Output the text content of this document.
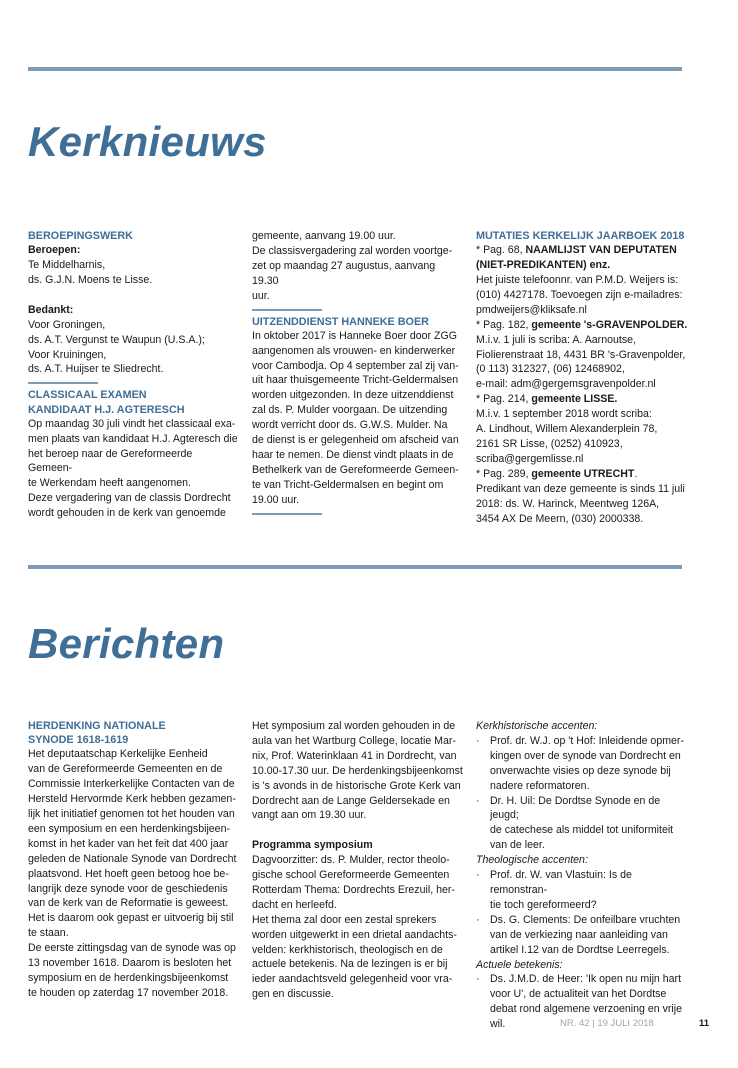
Kerknieuws
BEROEPINGSWERK
Beroepen:
Te Middelharnis,
ds. G.J.N. Moens te Lisse.
Bedankt:
Voor Groningen,
ds. A.T. Vergunst te Waupun (U.S.A.);
Voor Kruiningen,
ds. A.T. Huijser te Sliedrecht.
CLASSICAAL EXAMEN
KANDIDAAT H.J. AGTERESCH
Op maandag 30 juli vindt het classicaal exa-
men plaats van kandidaat H.J. Agteresch die
het beroep naar de Gereformeerde Gemeen-
te Werkendam heeft aangenomen.
Deze vergadering van de classis Dordrecht
wordt gehouden in de kerk van genoemde
gemeente, aanvang 19.00 uur.
De classisvergadering zal worden voortge-
zet op maandag 27 augustus, aanvang 19.30
uur.
UITZENDDIENST HANNEKE BOER
In oktober 2017 is Hanneke Boer door ZGG
aangenomen als vrouwen- en kinderwerker
voor Cambodja. Op 4 september zal zij van-
uit haar thuisgemeente Tricht-Geldermalsen
worden uitgezonden. In deze uitzenddienst
zal ds. P. Mulder voorgaan. De uitzending
wordt verricht door ds. G.W.S. Mulder. Na
de dienst is er gelegenheid om afscheid van
haar te nemen. De dienst vindt plaats in de
Bethelkerk van de Gereformeerde Gemeen-
te van Tricht-Geldermalsen en begint om
19.00 uur.
MUTATIES KERKELIJK JAARBOEK 2018
* Pag. 68, NAAMLIJST VAN DEPUTATEN
(NIET-PREDIKANTEN) enz.
Het juiste telefoonnr. van P.M.D. Weijers is:
(010) 4427178. Toevoegen zijn e-mailadres:
pmdweijers@kliksafe.nl
* Pag. 182, gemeente 's-GRAVENPOLDER.
M.i.v. 1 juli is scriba: A. Aarnoutse,
Fiolierenstraat 18, 4431 BR 's-Gravenpolder,
(0 113) 312327, (06) 12468902,
e-mail: adm@gergemsgravenpolder.nl
* Pag. 214, gemeente LISSE.
M.i.v. 1 september 2018 wordt scriba:
A. Lindhout, Willem Alexanderplein 78,
2161 SR Lisse, (0252) 410923,
scriba@gergemlisse.nl
* Pag. 289, gemeente UTRECHT.
Predikant van deze gemeente is sinds 11 juli
2018: ds. W. Harinck, Meentweg 126A,
3454 AX De Meern, (030) 2000338.
Berichten
HERDENKING NATIONALE
SYNODE 1618-1619
Het deputaatschap Kerkelijke Eenheid
van de Gereformeerde Gemeenten en de
Commissie Interkerkelijke Contacten van de
Hersteld Hervormde Kerk hebben gezamen-
lijk het initiatief genomen tot het houden van
een symposium en een herdenkingsbijeen-
komst in het kader van het feit dat 400 jaar
geleden de Nationale Synode van Dordrecht
plaatsvond. Het hoeft geen betoog hoe be-
langrijk deze synode voor de geschiedenis
van de kerk van de Reformatie is geweest.
Het is daarom ook gepast er uitvoerig bij stil
te staan.
De eerste zittingsdag van de synode was op
13 november 1618. Daarom is besloten het
symposium en de herdenkingsbijeenkomst
te houden op zaterdag 17 november 2018.
Het symposium zal worden gehouden in de
aula van het Wartburg College, locatie Mar-
nix, Prof. Waterinklaan 41 in Dordrecht, van
10.00-17.30 uur. De herdenkingsbijeenkomst
is 's avonds in de historische Grote Kerk van
Dordrecht aan de Lange Geldersekade en
vangt aan om 19.30 uur.
Programma symposium
Dagvoorzitter: ds. P. Mulder, rector theolo-
gische school Gereformeerde Gemeenten
Rotterdam Thema: Dordrechts Erezuil, her-
dacht en herleefd.
Het thema zal door een zestal sprekers
worden uitgewerkt in een drietal aandachts-
velden: kerkhistorisch, theologisch en de
actuele betekenis. Na de lezingen is er bij
ieder aandachtsveld gelegenheid voor vra-
gen en discussie.
Kerkhistorische accenten:
· Prof. dr. W.J. op 't Hof: Inleidende opmer-
kingen over de synode van Dordrecht en
onverwachte visies op deze synode bij
nadere reformatoren.
· Dr. H. Uil: De Dordtse Synode en de jeugd;
de catechese als middel tot uniformiteit
van de leer.
Theologische accenten:
· Prof. dr. W. van Vlastuin: Is de remonstran-
tie toch gereformeerd?
· Ds. G. Clements: De onfeilbare vruchten
van de verkiezing naar aanleiding van
artikel I.12 van de Dordtse Leerregels.
Actuele betekenis:
· Ds. J.M.D. de Heer: 'Ik open nu mijn hart
voor U', de actualiteit van het Dordtse
debat rond algemene verzoening en vrije
wil.	NR. 42 | 19 JULI 2018	11
